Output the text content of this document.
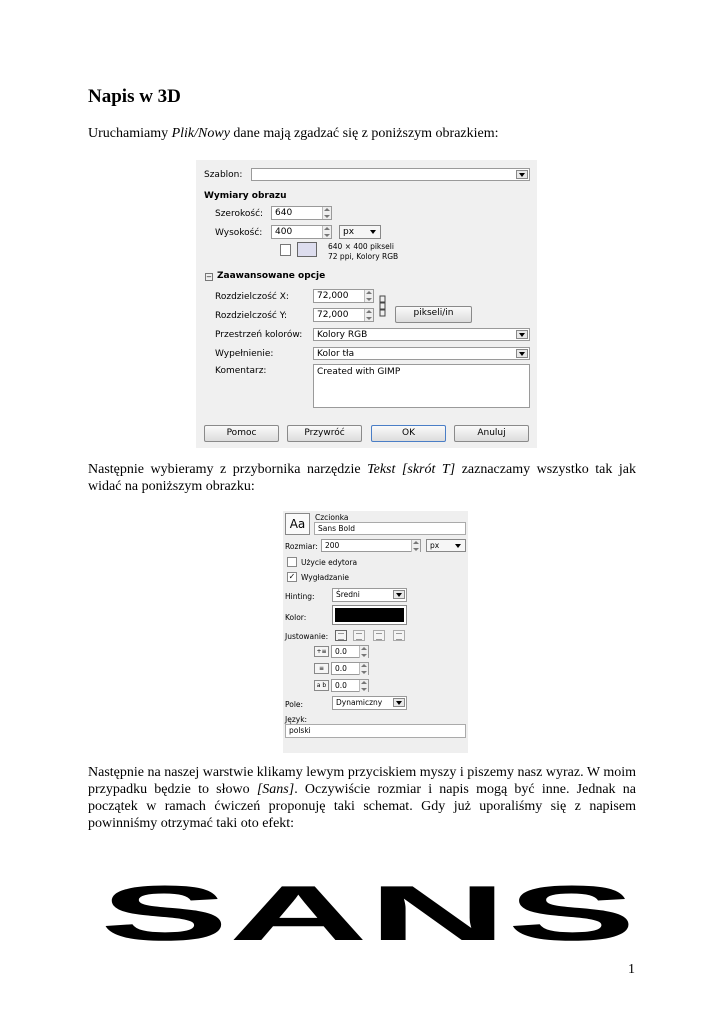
Napis w 3D
Uruchamiamy Plik/Nowy dane mają zgadzać się z poniższym obrazkiem:
Szablon:
Wymiary obrazu
Szerokość: 640
Wysokość: 400	px
640 × 400 pikseli
72 ppi, Kolory RGB
− Zaawansowane opcje
Rozdzielczość X:	72,000
Rozdzielczość Y:	72,000	pikseli/in
Przestrzeń kolorów: Kolory RGB
Wypełnienie:	Kolor tła
Komentarz:	Created with GIMP
Pomoc	Przywróć	OK	Anuluj
Następnie wybieramy z przybornika narzędzie Tekst [skrót T] zaznaczamy wszystko tak jak widać na poniższym obrazku:
Aa	Czcionka
Sans Bold
Rozmiar: 200	px
Użycie edytora
✓ Wygładzanie
Hinting:	Średni
Kolor:
Justowanie:
+≡	0.0
≡	0.0
a b	0.0
Pole:	Dynamiczny
Język:
polski
Następnie na naszej warstwie klikamy lewym przyciskiem myszy i piszemy nasz wyraz. W moim przypadku będzie to słowo [Sans]. Oczywiście rozmiar i napis mogą być inne. Jednak na początek w ramach ćwiczeń proponuję taki schemat. Gdy już uporaliśmy się z napisem powinniśmy otrzymać taki oto efekt:
SANS
1
